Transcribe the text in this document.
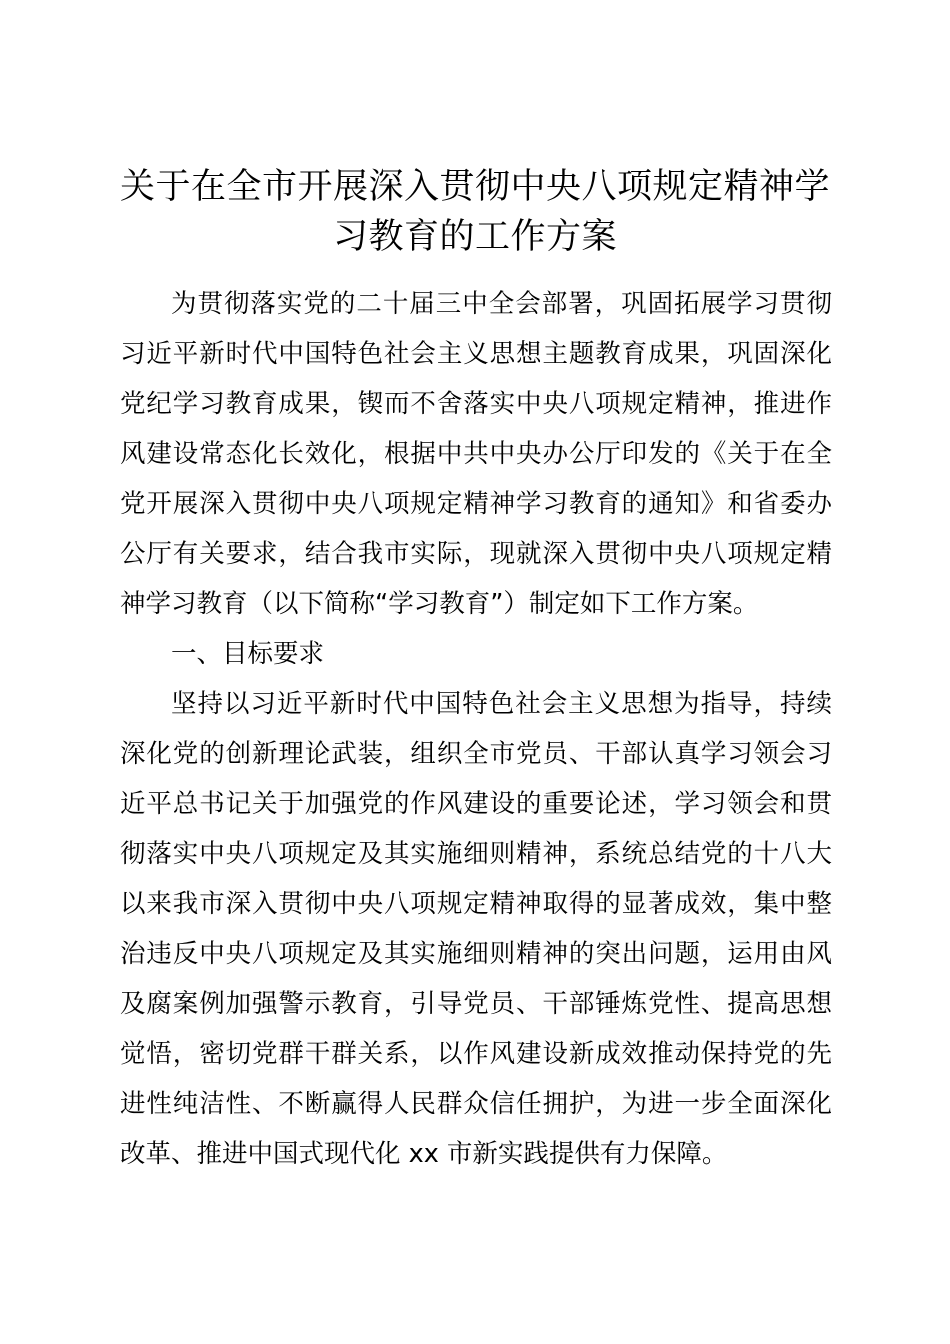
关于在全市开展深入贯彻中央八项规定精神学习教育的工作方案

为贯彻落实党的二十届三中全会部署，巩固拓展学习贯彻习近平新时代中国特色社会主义思想主题教育成果，巩固深化党纪学习教育成果，锲而不舍落实中央八项规定精神，推进作风建设常态化长效化，根据中共中央办公厅印发的《关于在全党开展深入贯彻中央八项规定精神学习教育的通知》和省委办公厅有关要求，结合我市实际，现就深入贯彻中央八项规定精神学习教育（以下简称“学习教育”）制定如下工作方案。

一、目标要求

坚持以习近平新时代中国特色社会主义思想为指导，持续深化党的创新理论武装，组织全市党员、干部认真学习领会习近平总书记关于加强党的作风建设的重要论述，学习领会和贯彻落实中央八项规定及其实施细则精神，系统总结党的十八大以来我市深入贯彻中央八项规定精神取得的显著成效，集中整治违反中央八项规定及其实施细则精神的突出问题，运用由风及腐案例加强警示教育，引导党员、干部锤炼党性、提高思想觉悟，密切党群干群关系，以作风建设新成效推动保持党的先进性纯洁性、不断赢得人民群众信任拥护，为进一步全面深化改革、推进中国式现代化 xx 市新实践提供有力保障。
